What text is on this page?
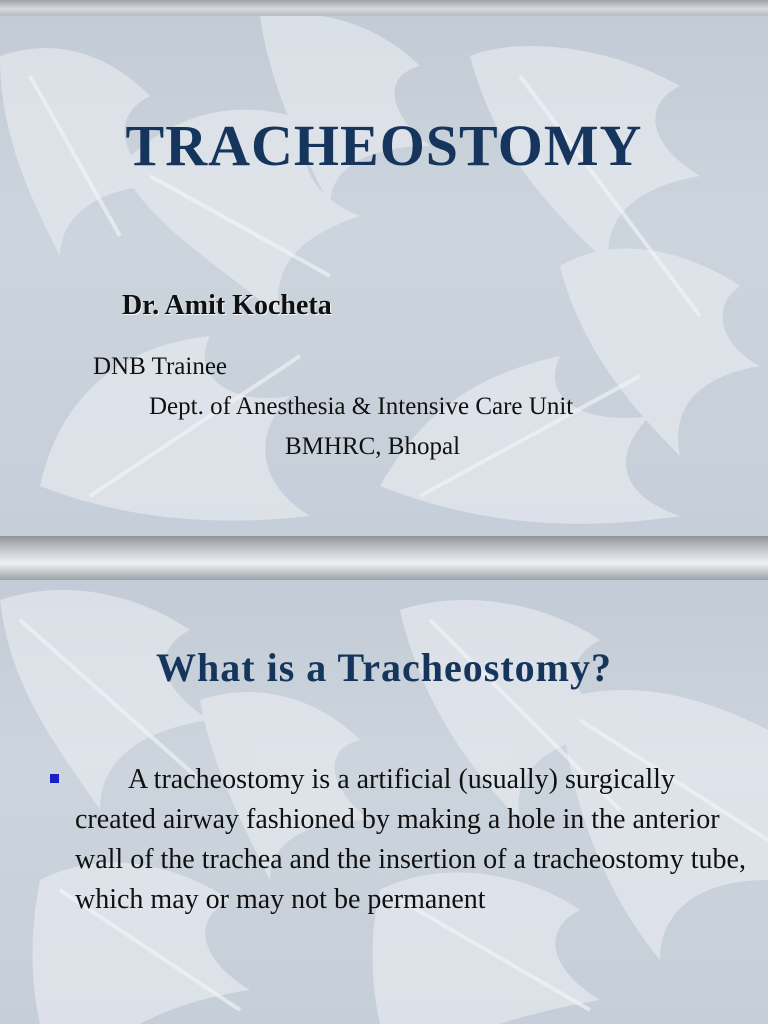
TRACHEOSTOMY
Dr. Amit Kocheta
DNB Trainee
Dept. of Anesthesia & Intensive Care Unit
BMHRC, Bhopal
What is a Tracheostomy?
A tracheostomy is a artificial (usually) surgically created airway fashioned by making a hole in the anterior wall of the trachea and the insertion of a tracheostomy tube, which may or may not be permanent
